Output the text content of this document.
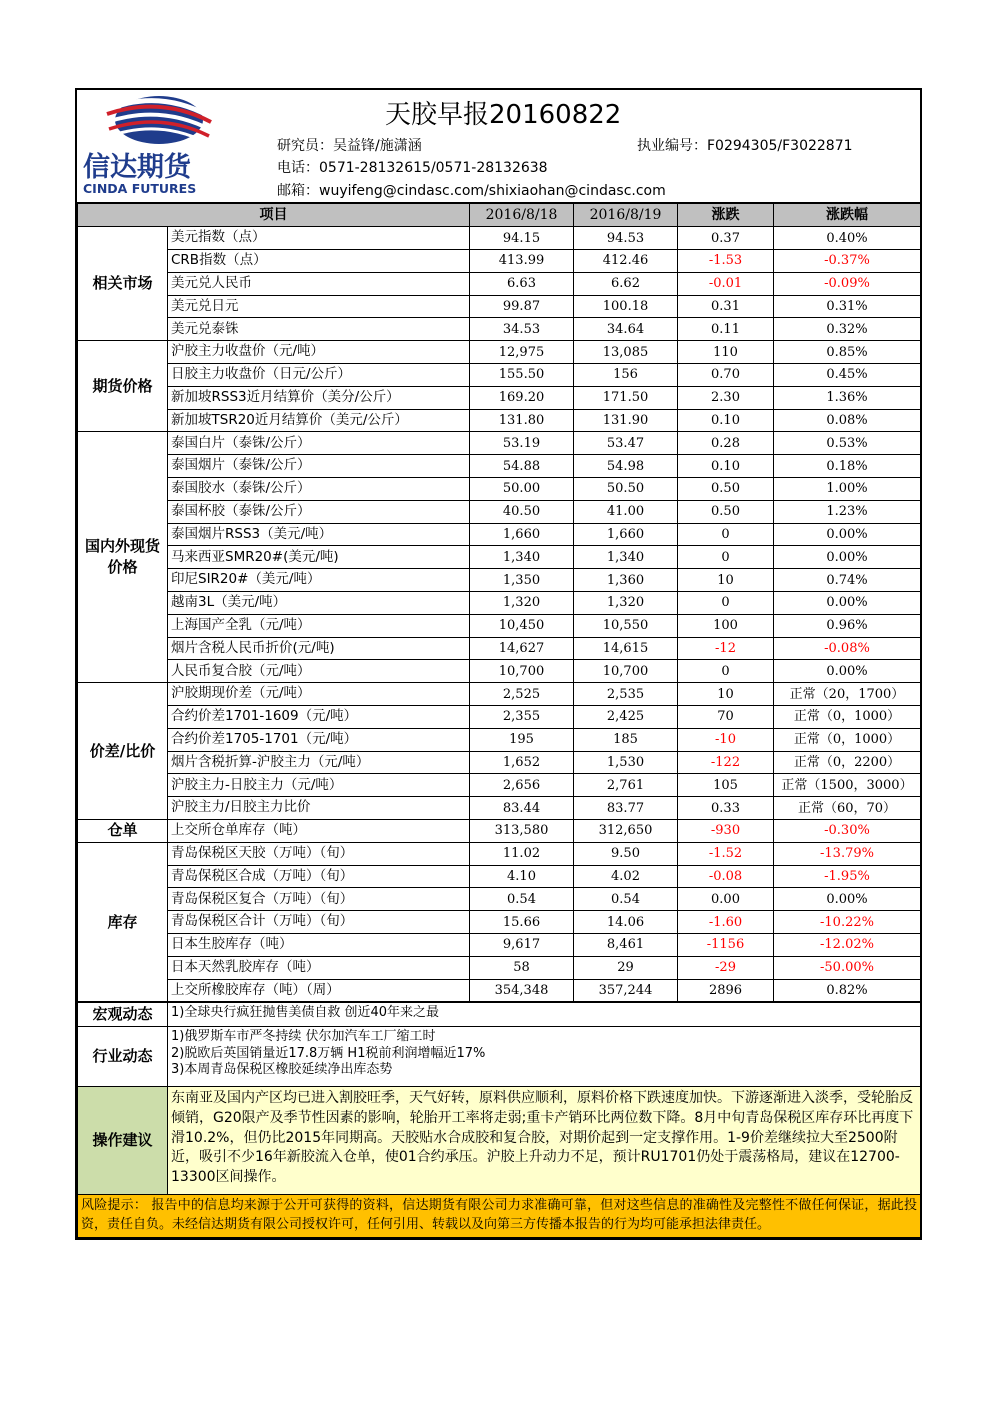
信达期货
CINDA FUTURES
天胶早报20160822
研究员：吴益锋/施潇涵	执业编号：F0294305/F3022871
电话：0571-28132615/0571-28132638
邮箱：wuyifeng@cindasc.com/shixiaohan@cindasc.com
项目		2016/8/18	2016/8/19	涨跌	涨跌幅
相关市场	美元指数（点）	94.15	94.53	0.37	0.40%
	CRB指数（点）	413.99	412.46	-1.53	-0.37%
	美元兑人民币	6.63	6.62	-0.01	-0.09%
	美元兑日元	99.87	100.18	0.31	0.31%
	美元兑泰铢	34.53	34.64	0.11	0.32%
期货价格	沪胶主力收盘价（元/吨）	12,975	13,085	110	0.85%
	日胶主力收盘价（日元/公斤）	155.50	156	0.70	0.45%
	新加坡RSS3近月结算价（美分/公斤）	169.20	171.50	2.30	1.36%
	新加坡TSR20近月结算价（美元/公斤）	131.80	131.90	0.10	0.08%
国内外现货价格	泰国白片（泰铢/公斤）	53.19	53.47	0.28	0.53%
	泰国烟片（泰铢/公斤）	54.88	54.98	0.10	0.18%
	泰国胶水（泰铢/公斤）	50.00	50.50	0.50	1.00%
	泰国杯胶（泰铢/公斤）	40.50	41.00	0.50	1.23%
	泰国烟片RSS3（美元/吨）	1,660	1,660	0	0.00%
	马来西亚SMR20#(美元/吨)	1,340	1,340	0	0.00%
	印尼SIR20#（美元/吨）	1,350	1,360	10	0.74%
	越南3L（美元/吨）	1,320	1,320	0	0.00%
	上海国产全乳（元/吨）	10,450	10,550	100	0.96%
	烟片含税人民币折价(元/吨)	14,627	14,615	-12	-0.08%
	人民币复合胶（元/吨）	10,700	10,700	0	0.00%
价差/比价	沪胶期现价差（元/吨）	2,525	2,535	10	正常（20，1700）
	合约价差1701-1609（元/吨）	2,355	2,425	70	正常（0，1000）
	合约价差1705-1701（元/吨）	195	185	-10	正常（0，1000）
	烟片含税折算-沪胶主力（元/吨）	1,652	1,530	-122	正常（0，2200）
	沪胶主力-日胶主力（元/吨）	2,656	2,761	105	正常（1500，3000）
	沪胶主力/日胶主力比价	83.44	83.77	0.33	正常（60，70）
仓单	上交所仓单库存（吨）	313,580	312,650	-930	-0.30%
库存	青岛保税区天胶（万吨）（旬）	11.02	9.50	-1.52	-13.79%
	青岛保税区合成（万吨）（旬）	4.10	4.02	-0.08	-1.95%
	青岛保税区复合（万吨）（旬）	0.54	0.54	0.00	0.00%
	青岛保税区合计（万吨）（旬）	15.66	14.06	-1.60	-10.22%
	日本生胶库存（吨）	9,617	8,461	-1156	-12.02%
	日本天然乳胶库存（吨）	58	29	-29	-50.00%
	上交所橡胶库存（吨）（周）	354,348	357,244	2896	0.82%
宏观动态	1)全球央行疯狂抛售美债自救 创近40年来之最
行业动态	1)俄罗斯车市严冬持续 伏尔加汽车工厂缩工时
2)脱欧后英国销量近17.8万辆 H1税前利润增幅近17%
3)本周青岛保税区橡胶延续净出库态势

操作建议	东南亚及国内产区均已进入割胶旺季，天气好转，原料供应顺利，原料价格下跌速度加快。下游逐渐进入淡季，受轮胎反倾销，G20限产及季节性因素的影响，轮胎开工率将走弱;重卡产销环比两位数下降。8月中旬青岛保税区库存环比再度下滑10.2%，但仍比2015年同期高。天胶贴水合成胶和复合胶，对期价起到一定支撑作用。1-9价差继续拉大至2500附近，吸引不少16年新胶流入仓单，使01合约承压。沪胶上升动力不足，预计RU1701仍处于震荡格局，建议在12700-13300区间操作。
风险提示： 报告中的信息均来源于公开可获得的资料，信达期货有限公司力求准确可靠，但对这些信息的准确性及完整性不做任何保证，据此投资，责任自负。未经信达期货有限公司授权许可，任何引用、转载以及向第三方传播本报告的行为均可能承担法律责任。	
